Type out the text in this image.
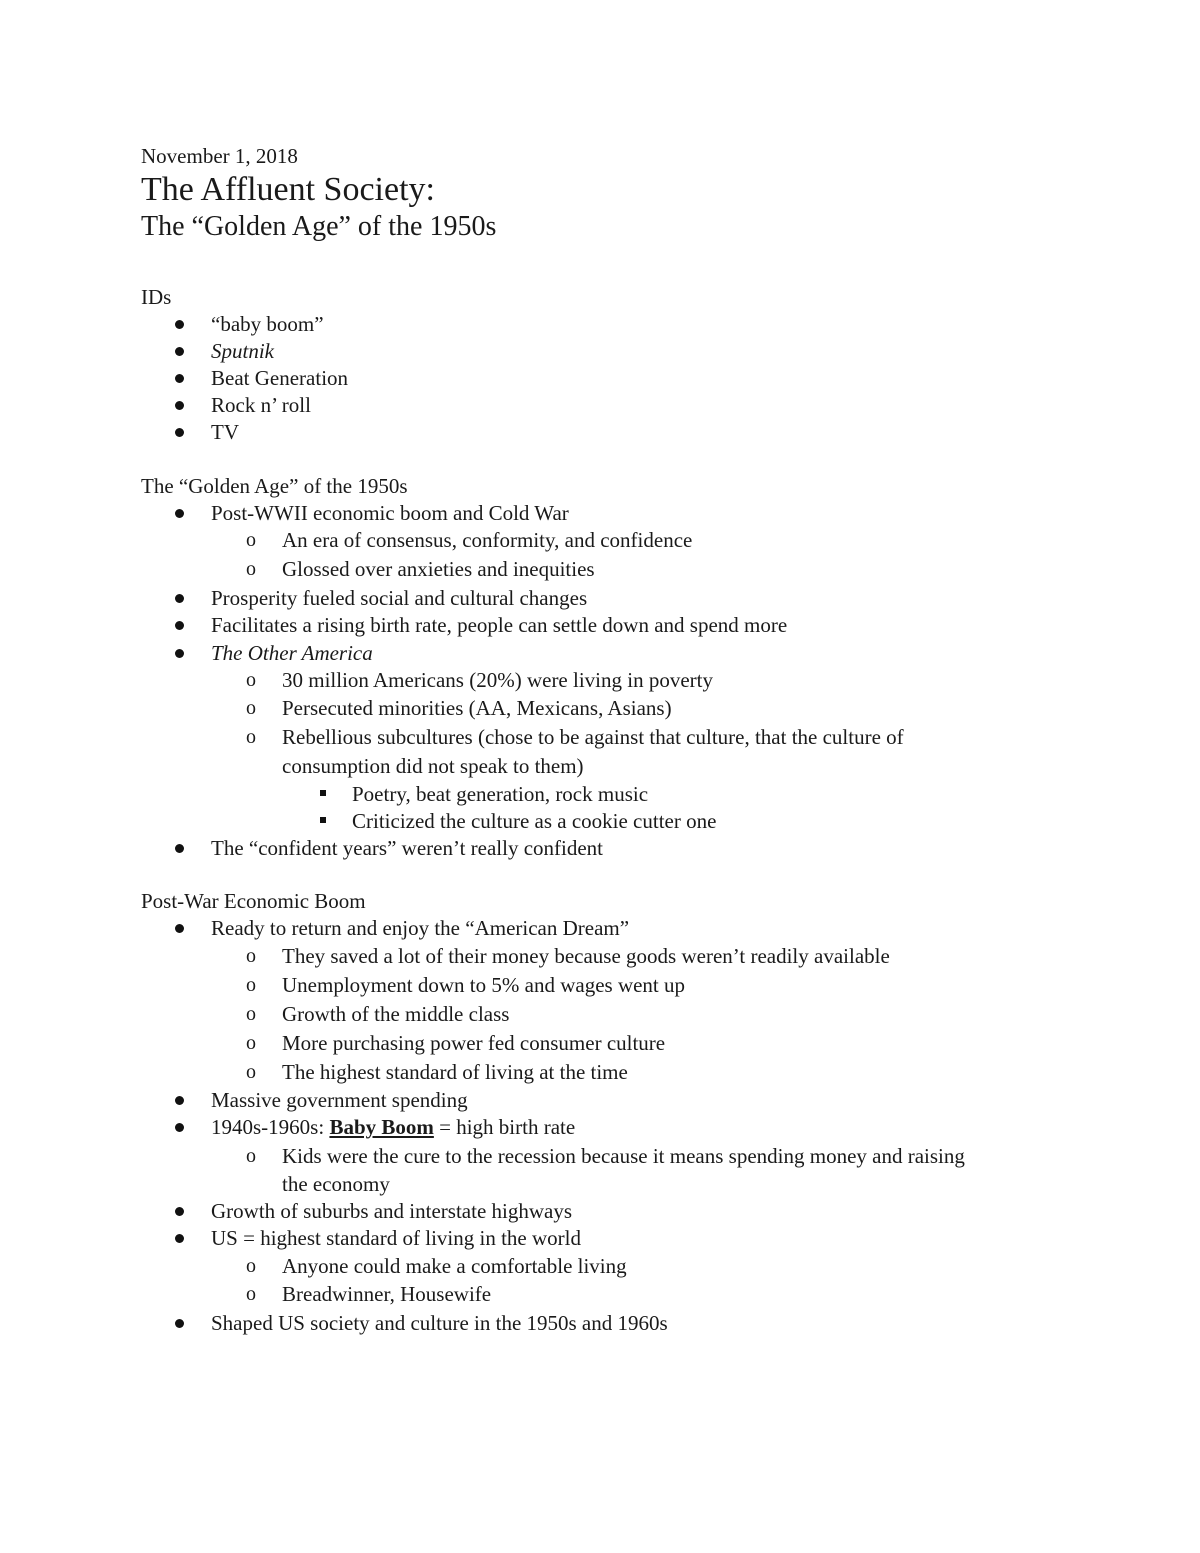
November 1, 2018
The Affluent Society:
The “Golden Age” of the 1950s
IDs
“baby boom”
Sputnik
Beat Generation
Rock n’ roll
TV
The “Golden Age” of the 1950s
Post-WWII economic boom and Cold War
o An era of consensus, conformity, and confidence
o Glossed over anxieties and inequities
Prosperity fueled social and cultural changes
Facilitates a rising birth rate, people can settle down and spend more
The Other America
o 30 million Americans (20%) were living in poverty
o Persecuted minorities (AA, Mexicans, Asians)
o Rebellious subcultures (chose to be against that culture, that the culture of
consumption did not speak to them)
Poetry, beat generation, rock music
Criticized the culture as a cookie cutter one
The “confident years” weren’t really confident
Post-War Economic Boom
Ready to return and enjoy the “American Dream”
o They saved a lot of their money because goods weren’t readily available
o Unemployment down to 5% and wages went up
o Growth of the middle class
o More purchasing power fed consumer culture
o The highest standard of living at the time
Massive government spending
1940s-1960s: Baby Boom = high birth rate
o Kids were the cure to the recession because it means spending money and raising
the economy
Growth of suburbs and interstate highways
US = highest standard of living in the world
o Anyone could make a comfortable living
o Breadwinner, Housewife
Shaped US society and culture in the 1950s and 1960s
